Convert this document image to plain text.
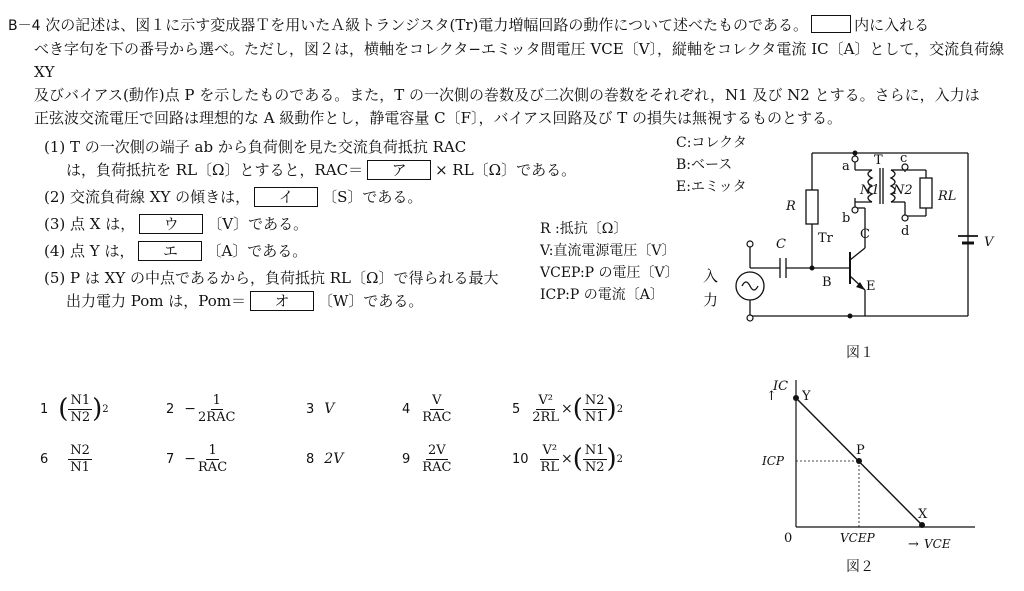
B－4 次の記述は、図１に示す変成器Ｔを用いたＡ級トランジスタ(Tr)電力増幅回路の動作について述べたものである。	内に入れる
べき字句を下の番号から選べ。ただし，図２は，横軸をコレクタ−エミッタ間電圧 VCE〔V〕，縦軸をコレクタ電流 IC〔A〕として，交流負荷線 XY
及びバイアス(動作)点 P を示したものである。また，T の一次側の巻数及び二次側の巻数をそれぞれ，N1 及び N2 とする。さらに，入力は
正弦波交流電圧で回路は理想的な A 級動作とし，静電容量 C〔F〕，バイアス回路及び T の損失は無視するものとする。
(1) T の一次側の端子 ab から負荷側を見た交流負荷抵抗 RAC
は，負荷抵抗を RL〔Ω〕とすると，RAC＝ ア × RL〔Ω〕である。
(2) 交流負荷線 XY の傾きは， イ 〔S〕である。
(3) 点 X は， ウ 〔V〕である。
(4) 点 Y は， エ 〔A〕である。
(5) P は XY の中点であるから，負荷抵抗 RL〔Ω〕で得られる最大
出力電力 Pom は，Pom＝ オ 〔W〕である。
C:コレクタ
B:ベース
E:エミッタ
R :抵抗〔Ω〕
V:直流電源電圧〔V〕
VCEP:P の電圧〔V〕
ICP:P の電流〔A〕
a
b
c
d
T
N1 N2 RL
R
C Tr
B
C
E
V
入
力
図１
↑
IC
Y
P
X
ICP
VCEP
0	→ VCE
図２
1 ( $\frac{N1}{N2}$ ) 2	$2 - \frac{1}{\text{2RAC}}$	3 V	$4 \frac{V}{\text{RAC}}$	$5 \frac{\text{V²}}{2RL}$ × ( $\frac{N2}{N1}$ ) 2
$6 \frac{N2}{N1}$	$7 - \frac{1}{\text{RAC}}$	8 2V	$9 \frac{2V}{\text{RAC}}$	$10 \frac{\text{V²}}{RL}$ × ( $\frac{N1}{N2}$ ) 2
